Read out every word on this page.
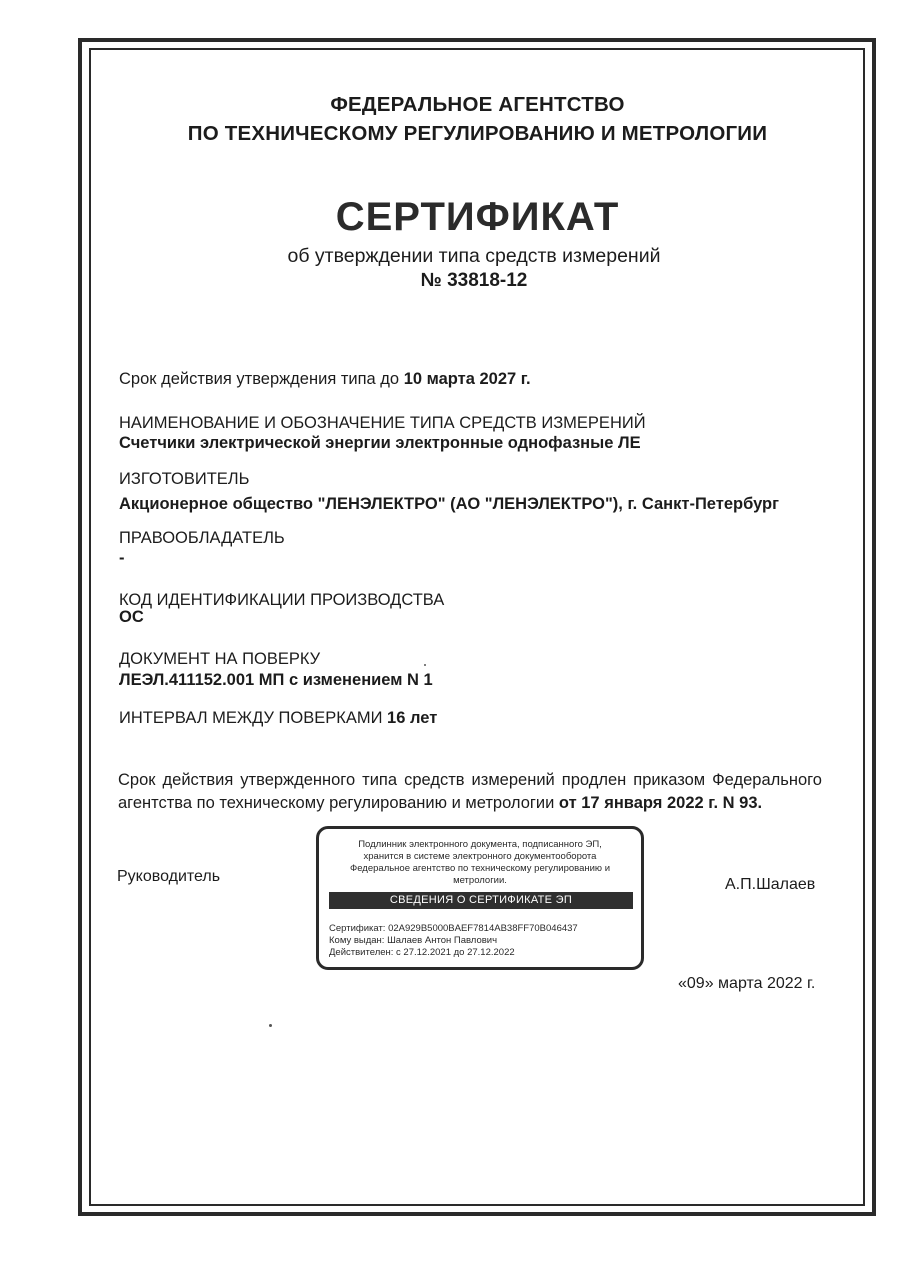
ФЕДЕРАЛЬНОЕ АГЕНТСТВО
ПО ТЕХНИЧЕСКОМУ РЕГУЛИРОВАНИЮ И МЕТРОЛОГИИ
СЕРТИФИКАТ
об утверждении типа средств измерений
№ 33818-12
Срок действия утверждения типа до 10 марта 2027 г.
НАИМЕНОВАНИЕ И ОБОЗНАЧЕНИЕ ТИПА СРЕДСТВ ИЗМЕРЕНИЙ
Счетчики электрической энергии электронные однофазные ЛЕ
ИЗГОТОВИТЕЛЬ
Акционерное общество "ЛЕНЭЛЕКТРО" (АО "ЛЕНЭЛЕКТРО"), г. Санкт-Петербург
ПРАВООБЛАДАТЕЛЬ
-
КОД ИДЕНТИФИКАЦИИ ПРОИЗВОДСТВА
ОС
ДОКУМЕНТ НА ПОВЕРКУ
ЛЕЭЛ.411152.001 МП с изменением N 1
ИНТЕРВАЛ МЕЖДУ ПОВЕРКАМИ 16 лет
Срок действия утвержденного типа средств измерений продлен приказом Федерального
агентства по техническому регулированию и метрологии от 17 января 2022 г. N 93.
Руководитель	А.П.Шалаев
«09» марта 2022 г.
Подлинник электронного документа, подписанного ЭП,
хранится в системе электронного документооборота
Федеральное агентство по техническому регулированию и
метрологии.
СВЕДЕНИЯ О СЕРТИФИКАТЕ ЭП
Сертификат: 02A929B5000BAEF7814AB38FF70B046437
Кому выдан: Шалаев Антон Павлович
Действителен: с 27.12.2021 до 27.12.2022
